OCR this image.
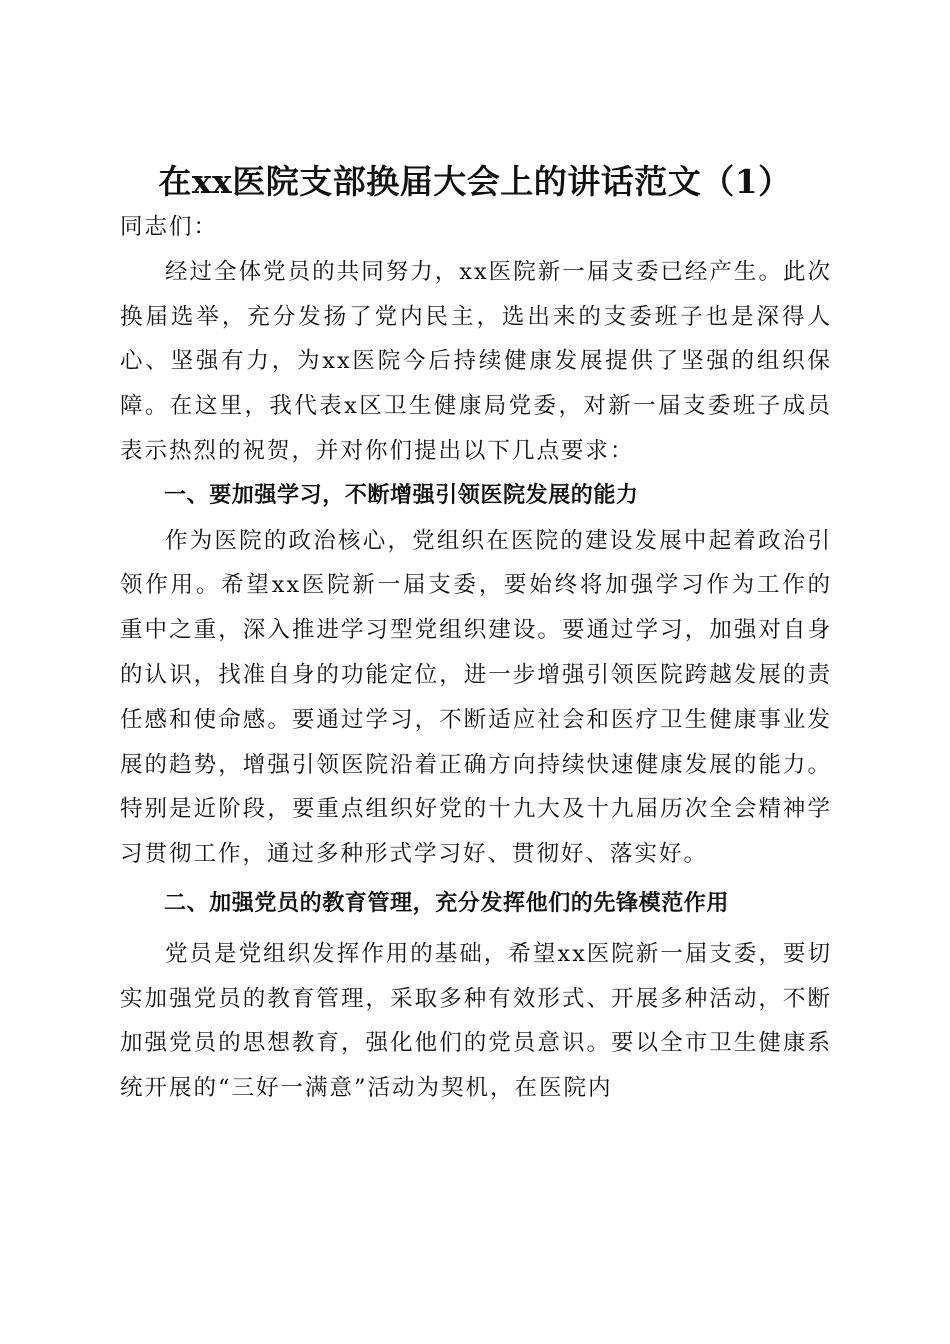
在xx医院支部换届大会上的讲话范文（1）

同志们：

经过全体党员的共同努力，xx医院新一届支委已经产生。此次换届选举，充分发扬了党内民主，选出来的支委班子也是深得人心、坚强有力，为xx医院今后持续健康发展提供了坚强的组织保障。在这里，我代表x区卫生健康局党委，对新一届支委班子成员表示热烈的祝贺，并对你们提出以下几点要求：

一、要加强学习，不断增强引领医院发展的能力

作为医院的政治核心，党组织在医院的建设发展中起着政治引领作用。希望xx医院新一届支委，要始终将加强学习作为工作的重中之重，深入推进学习型党组织建设。要通过学习，加强对自身的认识，找准自身的功能定位，进一步增强引领医院跨越发展的责任感和使命感。要通过学习，不断适应社会和医疗卫生健康事业发展的趋势，增强引领医院沿着正确方向持续快速健康发展的能力。特别是近阶段，要重点组织好党的十九大及十九届历次全会精神学习贯彻工作，通过多种形式学习好、贯彻好、落实好。

二、加强党员的教育管理，充分发挥他们的先锋模范作用

党员是党组织发挥作用的基础，希望xx医院新一届支委，要切实加强党员的教育管理，采取多种有效形式、开展多种活动，不断加强党员的思想教育，强化他们的党员意识。要以全市卫生健康系统开展的“三好一满意”活动为契机，在医院内
